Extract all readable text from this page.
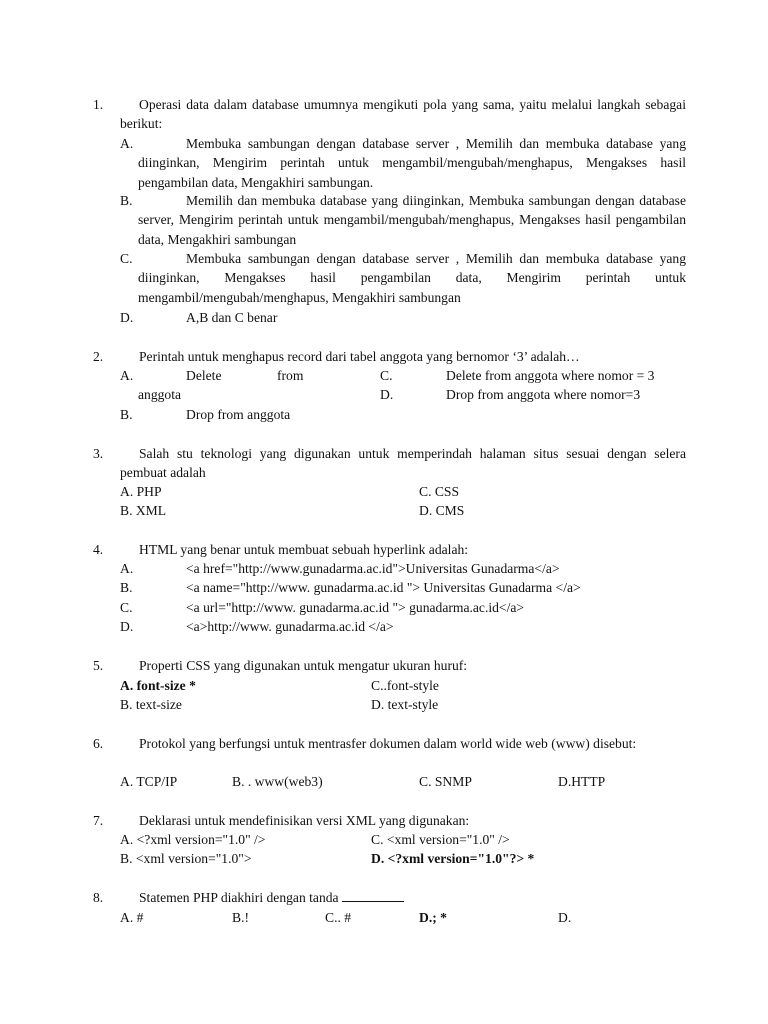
1.	Operasi data dalam database umumnya mengikuti pola yang sama, yaitu melalui langkah sebagai berikut:
A.	Membuka sambungan dengan database server , Memilih dan membuka database yang diinginkan, Mengirim perintah untuk mengambil/mengubah/menghapus, Mengakses hasil pengambilan data, Mengakhiri sambungan.
B.	Memilih dan membuka database yang diinginkan, Membuka sambungan dengan database server, Mengirim perintah untuk mengambil/mengubah/menghapus, Mengakses hasil pengambilan data, Mengakhiri sambungan
C.	Membuka sambungan dengan database server , Memilih dan membuka database yang diinginkan, Mengakses hasil pengambilan data, Mengirim perintah untuk mengambil/mengubah/menghapus, Mengakhiri sambungan
D.	A,B dan C benar
2.	Perintah untuk menghapus record dari tabel anggota yang bernomor ‘3’ adalah…
A.	Delete	from	C.	Delete from anggota where nomor = 3
anggota	D.	Drop from anggota where nomor=3
B.	Drop from anggota
3.	Salah stu teknologi yang digunakan untuk memperindah halaman situs sesuai dengan selera pembuat adalah
A. PHP	C. CSS
B. XML	D. CMS
4.	HTML yang benar untuk membuat sebuah hyperlink adalah:
A.	<a href="http://www.gunadarma.ac.id">Universitas Gunadarma</a>
B.	<a name="http://www. gunadarma.ac.id "> Universitas Gunadarma </a>
C.	<a url="http://www. gunadarma.ac.id "> gunadarma.ac.id</a>
D.	<a>http://www. gunadarma.ac.id </a>
5.	Properti CSS yang digunakan untuk mengatur ukuran huruf:
A. font-size *	C..font-style
B. text-size	D. text-style
6.	Protokol yang berfungsi untuk mentrasfer dokumen dalam world wide web (www) disebut:
A. TCP/IP	B. . www(web3)	C. SNMP	D.HTTP
7.	Deklarasi untuk mendefinisikan versi XML yang digunakan:
A. <?xml version="1.0" />	C. <xml version="1.0" />
B. <xml version="1.0">	D. <?xml version="1.0"?> *
8.	Statemen PHP diakhiri dengan tanda
A. #	B.!	C.. #	D.; *	D.
